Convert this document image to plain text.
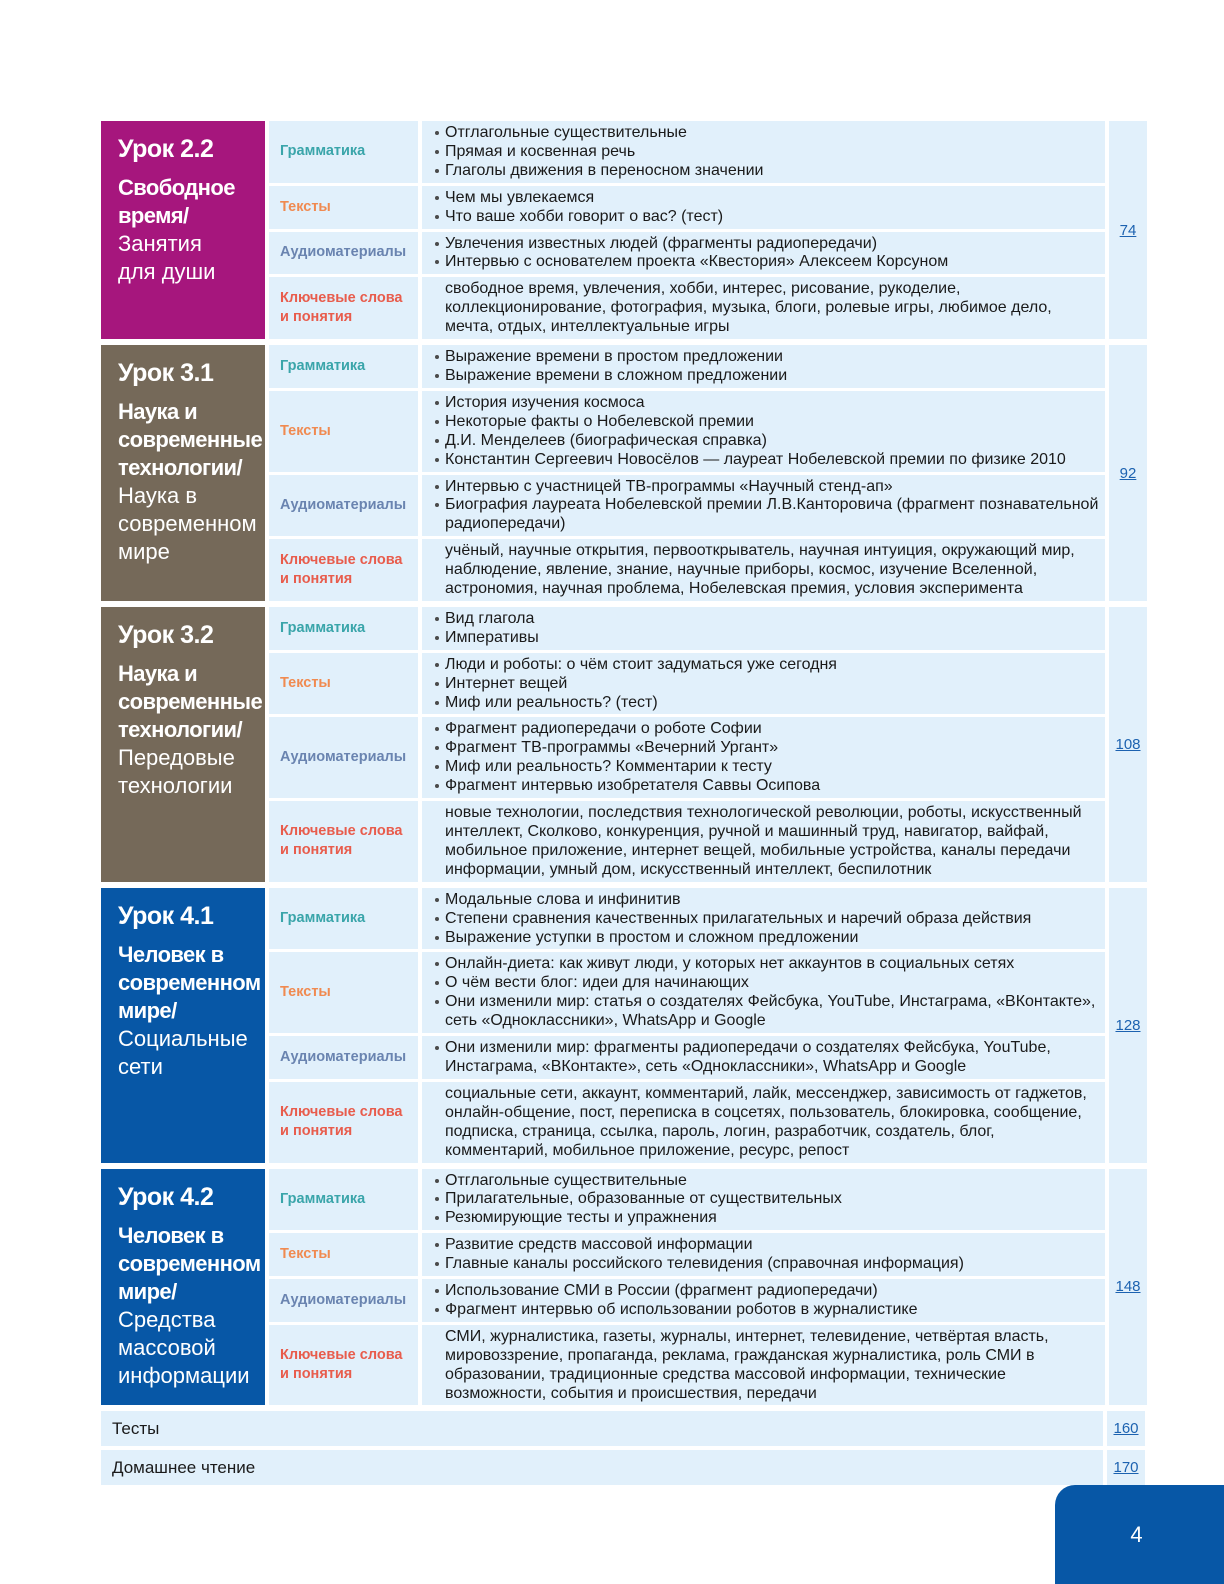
Урок 2.2
Свободное
время/
Занятия
для души
Грамматика
Отглагольные существительные
Прямая и косвенная речь
Глаголы движения в переносном значении
Тексты
Чем мы увлекаемся
Что ваше хобби говорит о вас? (тест)
Аудиоматериалы
Увлечения известных людей (фрагменты радиопередачи)
Интервью с основателем проекта «Квестория» Алексеем Корсуном
Ключевые слова
и понятия
свободное время, увлечения, хобби, интерес, рисование, рукоделие, коллекционирование, фотография, музыка, блоги, ролевые игры, любимое дело, мечта, отдых, интеллектуальные игры
74
Урок 3.1
Наука и
современные
технологии/
Наука в
современном
мире
Грамматика
Выражение времени в простом предложении
Выражение времени в сложном предложении
Тексты
История изучения космоса
Некоторые факты о Нобелевской премии
Д.И. Менделеев (биографическая справка)
Константин Сергеевич Новосёлов — лауреат Нобелевской премии по физике 2010
Аудиоматериалы
Интервью с участницей ТВ-программы «Научный стенд-ап»
Биография лауреата Нобелевской премии Л.В.Канторовича (фрагмент познавательной радиопередачи)
Ключевые слова
и понятия
учёный, научные открытия, первооткрыватель, научная интуиция, окружающий мир, наблюдение, явление, знание, научные приборы, космос, изучение Вселенной, астрономия, научная проблема, Нобелевская премия, условия эксперимента
92
Урок 3.2
Наука и
современные
технологии/
Передовые
технологии
Грамматика
Вид глагола
Императивы
Тексты
Люди и роботы: о чём стоит задуматься уже сегодня
Интернет вещей
Миф или реальность? (тест)
Аудиоматериалы
Фрагмент радиопередачи о роботе Софии
Фрагмент ТВ-программы «Вечерний Ургант»
Миф или реальность? Комментарии к тесту
Фрагмент интервью изобретателя Саввы Осипова
Ключевые слова
и понятия
новые технологии, последствия технологической революции, роботы, искусственный интеллект, Сколково, конкуренция, ручной и машинный труд, навигатор, вайфай, мобильное приложение, интернет вещей, мобильные устройства, каналы передачи информации, умный дом, искусственный интеллект, беспилотник
108
Урок 4.1
Человек в
современном
мире/
Социальные
сети
Грамматика
Модальные слова и инфинитив
Степени сравнения качественных прилагательных и наречий образа действия
Выражение уступки в простом и сложном предложении
Тексты
Онлайн-диета: как живут люди, у которых нет аккаунтов в социальных сетях
О чём вести блог: идеи для начинающих
Они изменили мир: статья о создателях Фейсбука, YouTube, Инстаграма, «ВКонтакте», сеть «Одноклассники», WhatsApp и Google
Аудиоматериалы
Они изменили мир: фрагменты радиопередачи о создателях Фейсбука, YouTube, Инстаграма, «ВКонтакте», сеть «Одноклассники», WhatsApp и Google
Ключевые слова
и понятия
социальные сети, аккаунт, комментарий, лайк, мессенджер, зависимость от гаджетов, онлайн-общение, пост, переписка в соцсетях, пользователь, блокировка, сообщение, подписка, страница, ссылка, пароль, логин, разработчик, создатель, блог, комментарий, мобильное приложение, ресурс, репост
128
Урок 4.2
Человек в
современном
мире/
Средства
массовой
информации
Грамматика
Отглагольные существительные
Прилагательные, образованные от существительных
Резюмирующие тесты и упражнения
Тексты
Развитие средств массовой информации
Главные каналы российского телевидения (справочная информация)
Аудиоматериалы
Использование СМИ в России (фрагмент радиопередачи)
Фрагмент интервью об использовании роботов в журналистике
Ключевые слова
и понятия
СМИ, журналистика, газеты, журналы, интернет, телевидение, четвёртая власть, мировоззрение, пропаганда, реклама, гражданская журналистика, роль СМИ в образовании, традиционные средства массовой информации, технические возможности, события и происшествия, передачи
148
Тесты	160
Домашнее чтение	170
4
